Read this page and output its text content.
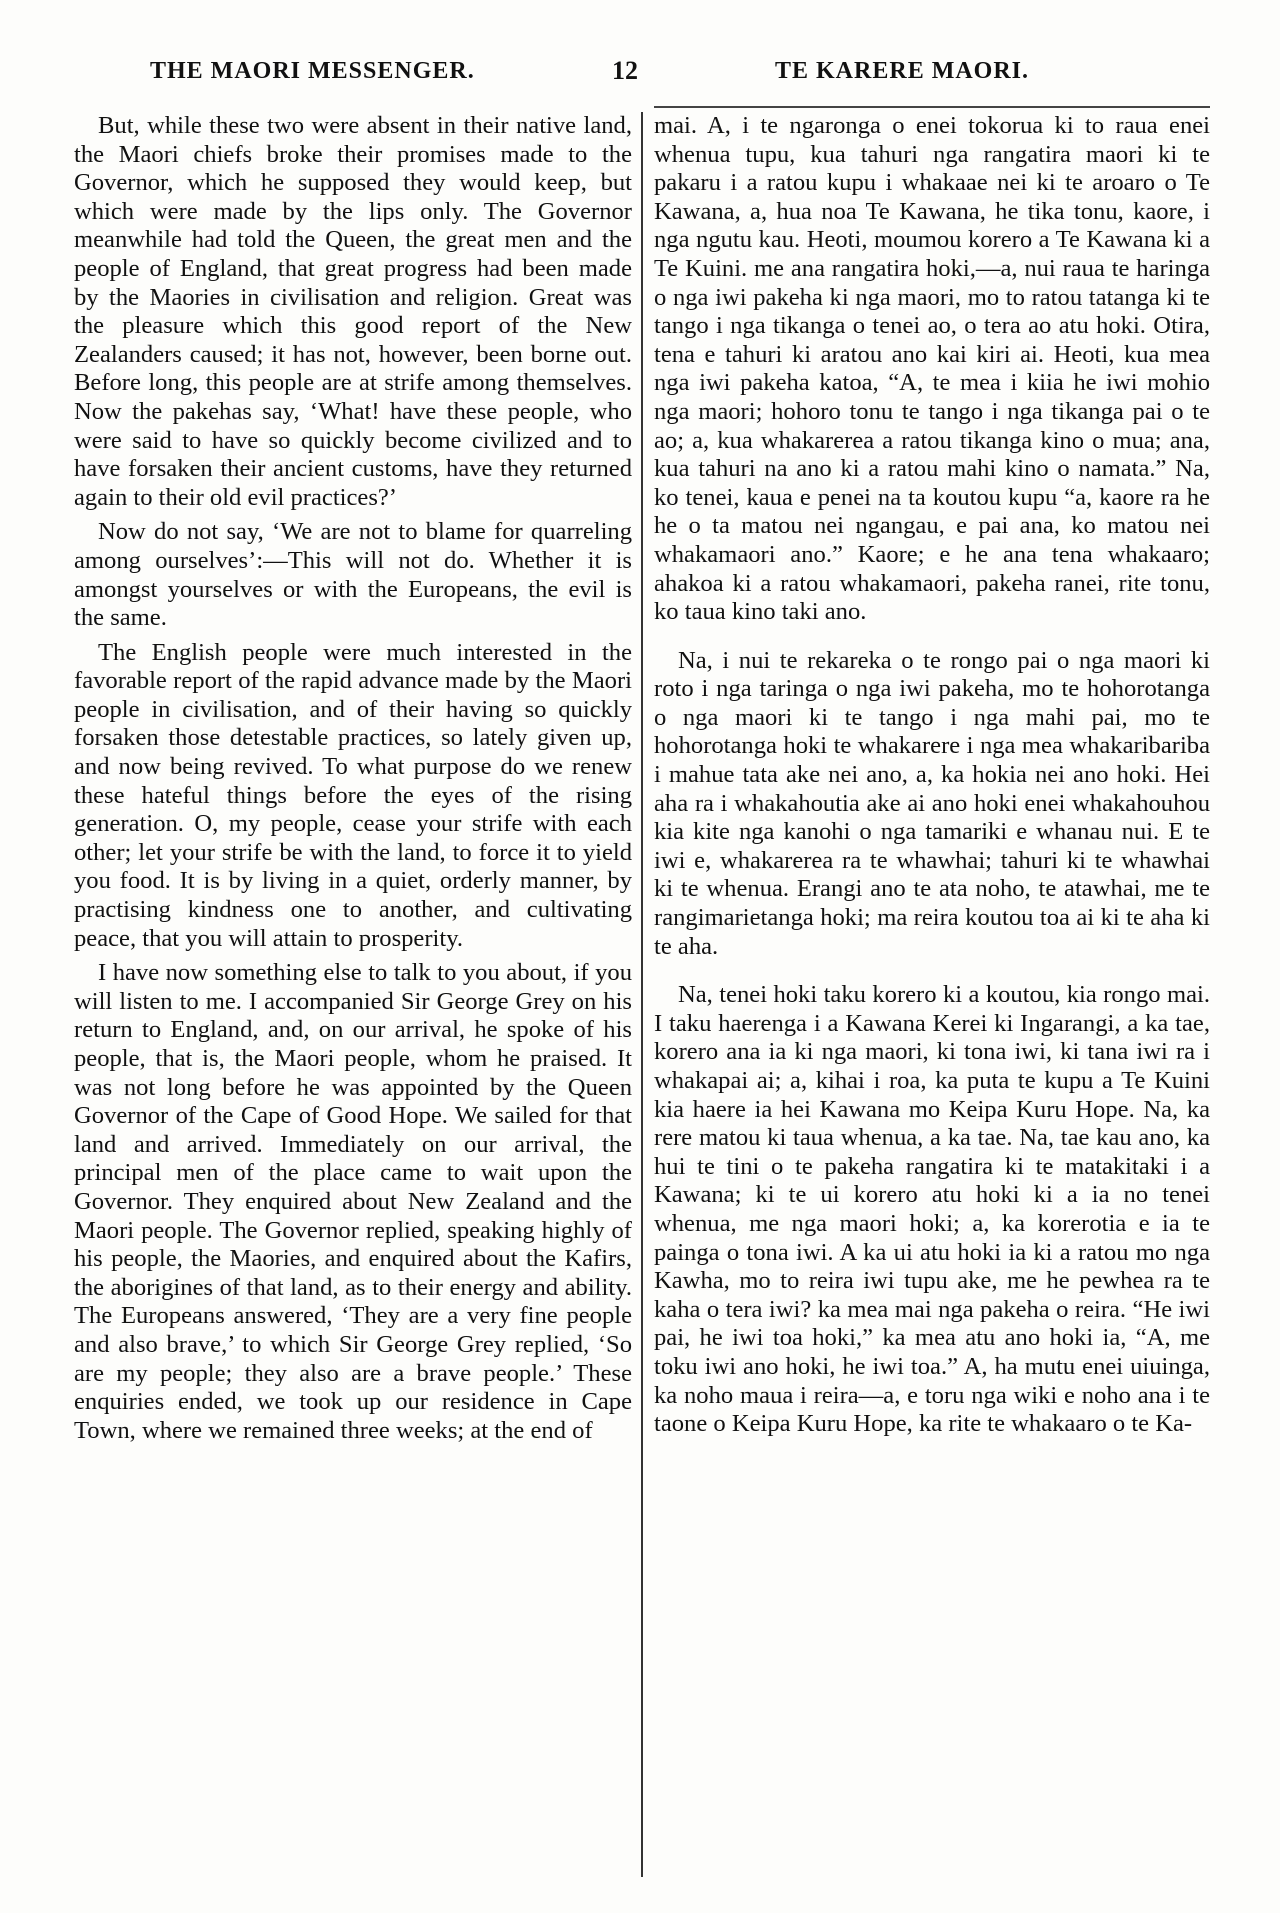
THE MAORI MESSENGER.	12	TE KARERE MAORI.

But, while these two were absent in their native land, the Maori chiefs broke their promises made to the Governor, which he supposed they would keep, but which were made by the lips only. The Governor meanwhile had told the Queen, the great men and the people of England, that great progress had been made by the Maories in civilisation and religion. Great was the pleasure which this good report of the New Zealanders caused; it has not, however, been borne out. Before long, this people are at strife among themselves. Now the pakehas say, ‘What! have these people, who were said to have so quickly become civilized and to have forsaken their ancient customs, have they returned again to their old evil practices?’

Now do not say, ‘We are not to blame for quarreling among ourselves’:—This will not do. Whether it is amongst yourselves or with the Europeans, the evil is the same.

The English people were much interested in the favorable report of the rapid advance made by the Maori people in civilisation, and of their having so quickly forsaken those detestable practices, so lately given up, and now being revived. To what purpose do we renew these hateful things before the eyes of the rising generation. O, my people, cease your strife with each other; let your strife be with the land, to force it to yield you food. It is by living in a quiet, orderly manner, by practising kindness one to another, and cultivating peace, that you will attain to prosperity.

I have now something else to talk to you about, if you will listen to me. I accompanied Sir George Grey on his return to England, and, on our arrival, he spoke of his people, that is, the Maori people, whom he praised. It was not long before he was appointed by the Queen Governor of the Cape of Good Hope. We sailed for that land and arrived. Immediately on our arrival, the principal men of the place came to wait upon the Governor. They enquired about New Zealand and the Maori people. The Governor replied, speaking highly of his people, the Maories, and enquired about the Kafirs, the aborigines of that land, as to their energy and ability. The Europeans answered, ‘They are a very fine people and also brave,’ to which Sir George Grey replied, ‘So are my people; they also are a brave people.’ These enquiries ended, we took up our residence in Cape Town, where we remained three weeks; at the end of

mai. A, i te ngaronga o enei tokorua ki to raua enei whenua tupu, kua tahuri nga rangatira maori ki te pakaru i a ratou kupu i whakaae nei ki te aroaro o Te Kawana, a, hua noa Te Kawana, he tika tonu, kaore, i nga ngutu kau. Heoti, moumou korero a Te Kawana ki a Te Kuini. me ana rangatira hoki,—a, nui raua te haringa o nga iwi pakeha ki nga maori, mo to ratou tatanga ki te tango i nga tikanga o tenei ao, o tera ao atu hoki. Otira, tena e tahuri ki aratou ano kai kiri ai. Heoti, kua mea nga iwi pakeha katoa, “A, te mea i kiia he iwi mohio nga maori; hohoro tonu te tango i nga tikanga pai o te ao; a, kua whakarerea a ratou tikanga kino o mua; ana, kua tahuri na ano ki a ratou mahi kino o namata.” Na, ko tenei, kaua e penei na ta koutou kupu “a, kaore ra he he o ta matou nei ngangau, e pai ana, ko matou nei whakamaori ano.” Kaore; e he ana tena whakaaro; ahakoa ki a ratou whakamaori, pakeha ranei, rite tonu, ko taua kino taki ano.

Na, i nui te rekareka o te rongo pai o nga maori ki roto i nga taringa o nga iwi pakeha, mo te hohorotanga o nga maori ki te tango i nga mahi pai, mo te hohorotanga hoki te whakarere i nga mea whakaribariba i mahue tata ake nei ano, a, ka hokia nei ano hoki. Hei aha ra i whakahoutia ake ai ano hoki enei whakahouhou kia kite nga kanohi o nga tamariki e whanau nui. E te iwi e, whakarerea ra te whawhai; tahuri ki te whawhai ki te whenua. Erangi ano te ata noho, te atawhai, me te rangimarietanga hoki; ma reira koutou toa ai ki te aha ki te aha.

Na, tenei hoki taku korero ki a koutou, kia rongo mai. I taku haerenga i a Kawana Kerei ki Ingarangi, a ka tae, korero ana ia ki nga maori, ki tona iwi, ki tana iwi ra i whakapai ai; a, kihai i roa, ka puta te kupu a Te Kuini kia haere ia hei Kawana mo Keipa Kuru Hope. Na, ka rere matou ki taua whenua, a ka tae. Na, tae kau ano, ka hui te tini o te pakeha rangatira ki te matakitaki i a Kawana; ki te ui korero atu hoki ki a ia no tenei whenua, me nga maori hoki; a, ka korerotia e ia te painga o tona iwi. A ka ui atu hoki ia ki a ratou mo nga Kawha, mo to reira iwi tupu ake, me he pewhea ra te kaha o tera iwi? ka mea mai nga pakeha o reira. “He iwi pai, he iwi toa hoki,” ka mea atu ano hoki ia, “A, me toku iwi ano hoki, he iwi toa.” A, ha mutu enei uiuinga, ka noho maua i reira—a, e toru nga wiki e noho ana i te taone o Keipa Kuru Hope, ka rite te whakaaro o te Ka-
